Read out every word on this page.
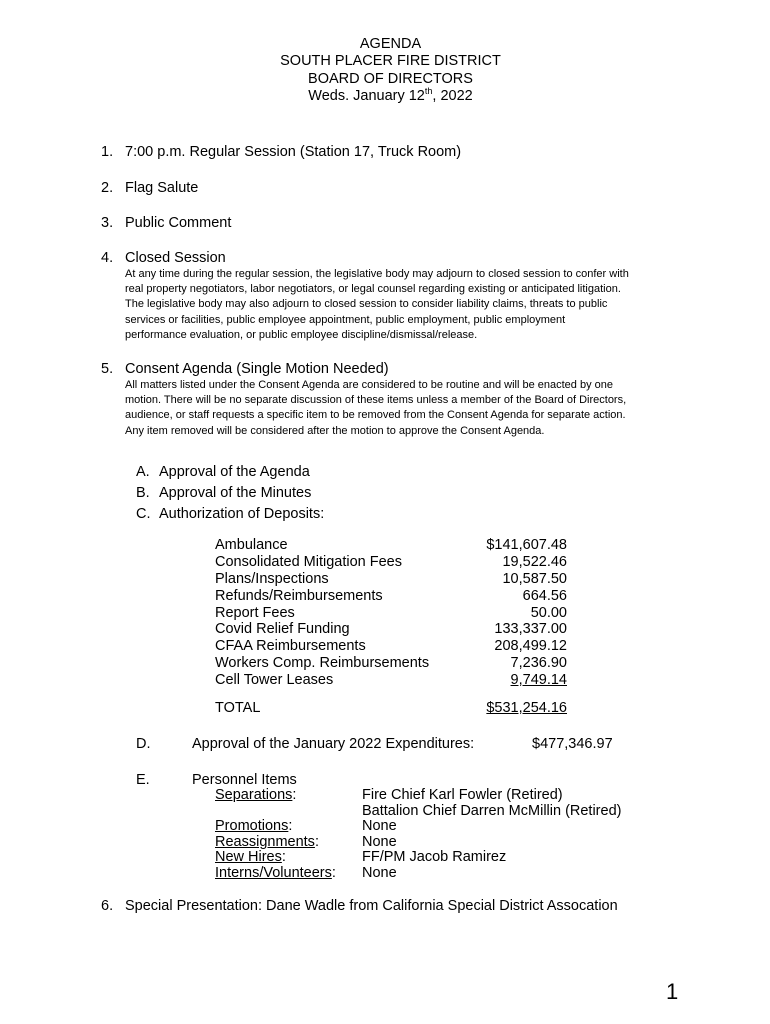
AGENDA
SOUTH PLACER FIRE DISTRICT
BOARD OF DIRECTORS
Weds. January 12th, 2022
1. 7:00 p.m. Regular Session (Station 17, Truck Room)
2. Flag Salute
3. Public Comment
4. Closed Session
At any time during the regular session, the legislative body may adjourn to closed session to confer with
real property negotiators, labor negotiators, or legal counsel regarding existing or anticipated litigation.
The legislative body may also adjourn to closed session to consider liability claims, threats to public
services or facilities, public employee appointment, public employment, public employment
performance evaluation, or public employee discipline/dismissal/release.
5. Consent Agenda (Single Motion Needed)
All matters listed under the Consent Agenda are considered to be routine and will be enacted by one
motion. There will be no separate discussion of these items unless a member of the Board of Directors,
audience, or staff requests a specific item to be removed from the Consent Agenda for separate action.
Any item removed will be considered after the motion to approve the Consent Agenda.
A. Approval of the Agenda
B. Approval of the Minutes
C. Authorization of Deposits:
Ambulance	$141,607.48
Consolidated Mitigation Fees	19,522.46
Plans/Inspections	10,587.50
Refunds/Reimbursements	664.56
Report Fees	50.00
Covid Relief Funding	133,337.00
CFAA Reimbursements	208,499.12
Workers Comp. Reimbursements	7,236.90
Cell Tower Leases	9,749.14
TOTAL	$531,254.16
D.	Approval of the January 2022 Expenditures:	$477,346.97
E.	Personnel Items
Separations:	Fire Chief Karl Fowler (Retired)
Battalion Chief Darren McMillin (Retired)
Promotions:	None
Reassignments:	None
New Hires:	FF/PM Jacob Ramirez
Interns/Volunteers: None
6. Special Presentation: Dane Wadle from California Special District Assocation
1
